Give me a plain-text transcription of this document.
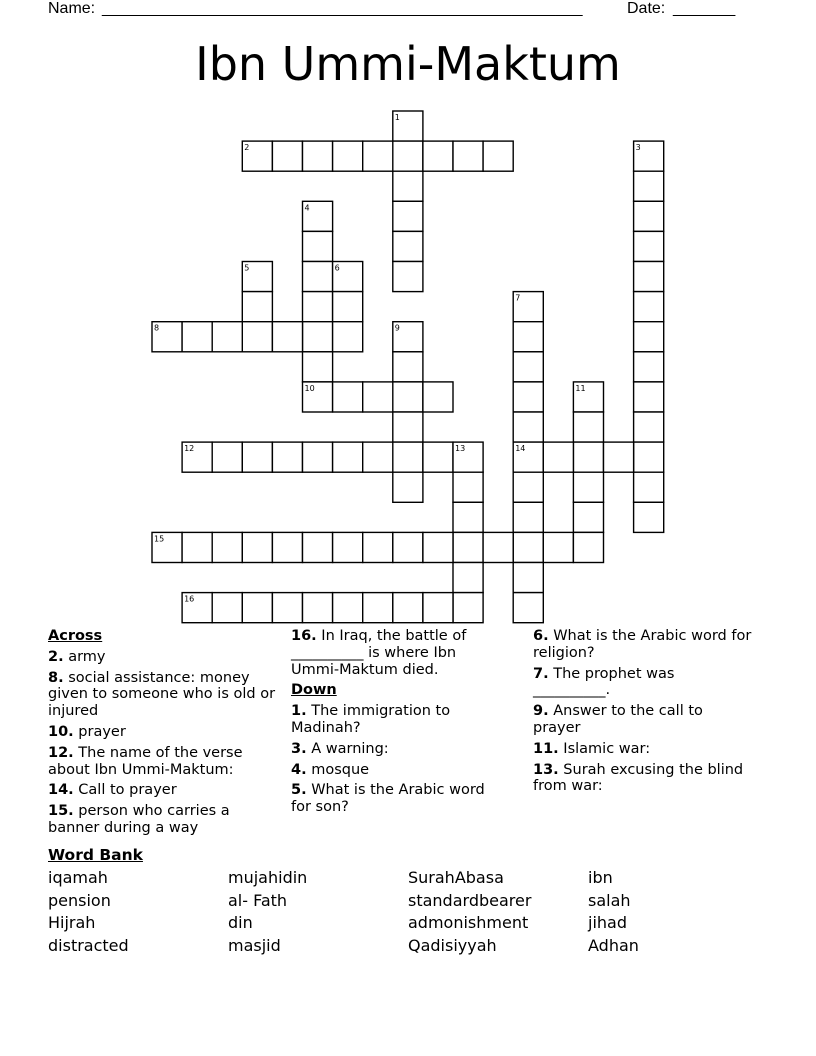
Name:

______________________________________________________

	Date:

_______

Ibn Ummi-Maktum
1
2	3
4
5	6
7
8	9
10	11
12	13	14
15
16
Across
2. army
8. social assistance: money given to someone who is old or injured
10. prayer
12. The name of the verse about Ibn Ummi-Maktum:
14. Call to prayer
15. person who carries a banner during a way
16. In Iraq, the battle of __________ is where Ibn Ummi-Maktum died.
Down
1. The immigration to Madinah?
3. A warning:
4. mosque
5. What is the Arabic word for son?
6. What is the Arabic word for religion?
7. The prophet was __________.
9. Answer to the call to prayer
11. Islamic war:
13. Surah excusing the blind from war:
Word Bank
iqamah	mujahidin	SurahAbasa	ibn
pension	al- Fath	standardbearer	salah
Hijrah	din	admonishment	jihad
distracted	masjid	Qadisiyyah	Adhan
